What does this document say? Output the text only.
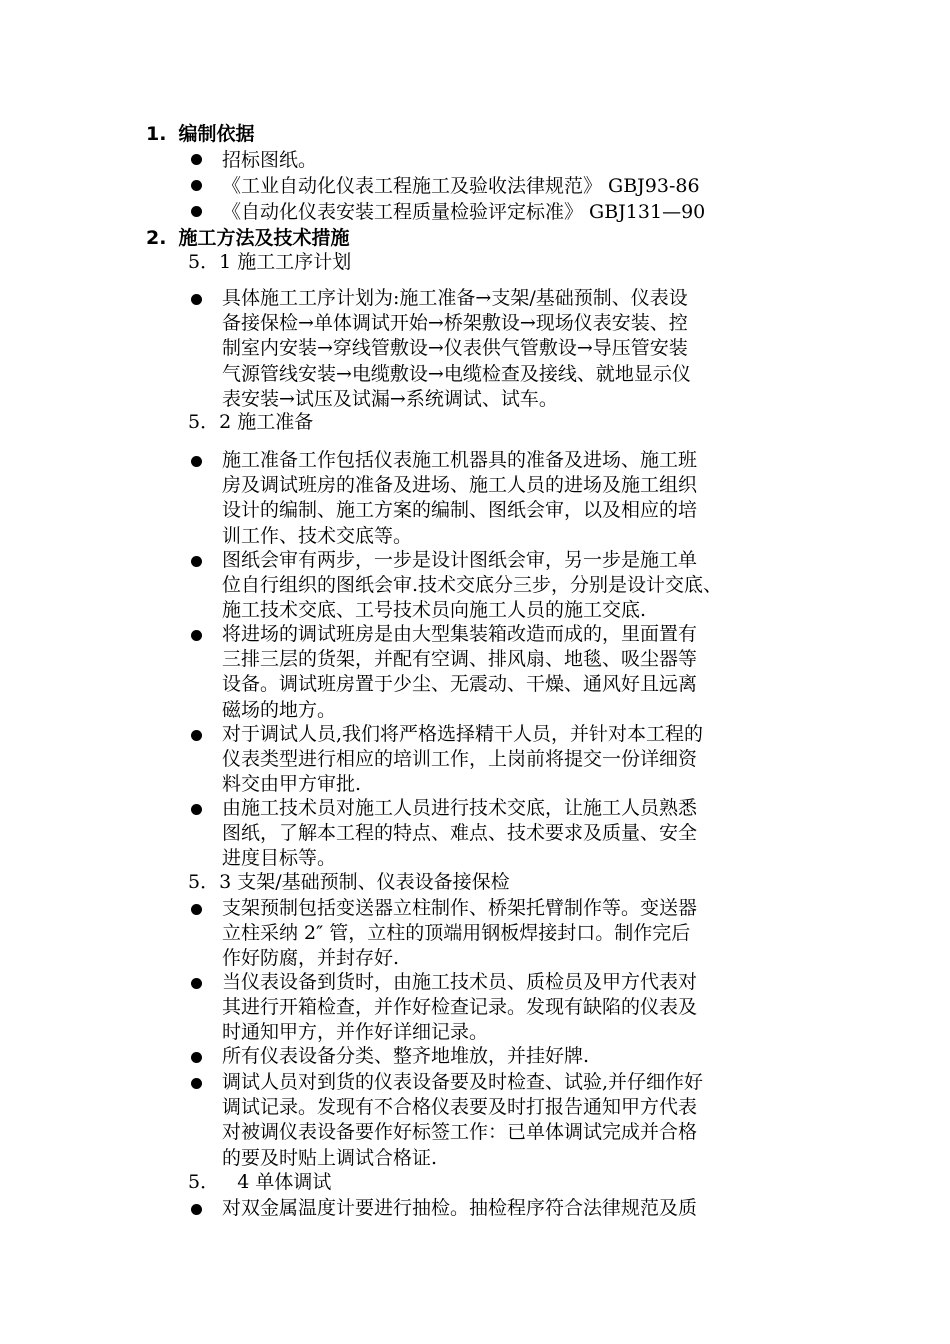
1. 编制依据
招标图纸。
《工业自动化仪表工程施工及验收法律规范》 GBJ93-86
《自动化仪表安装工程质量检验评定标准》 GBJ131—90
2. 施工方法及技术措施
5．1 施工工序计划
具体施工工序计划为:施工准备→支架/基础预制、仪表设
备接保检→单体调试开始→桥架敷设→现场仪表安装、控
制室内安装→穿线管敷设→仪表供气管敷设→导压管安装
气源管线安装→电缆敷设→电缆检查及接线、就地显示仪
表安装→试压及试漏→系统调试、试车。
5．2 施工准备
施工准备工作包括仪表施工机器具的准备及进场、施工班
房及调试班房的准备及进场、施工人员的进场及施工组织
设计的编制、施工方案的编制、图纸会审，以及相应的培
训工作、技术交底等。
图纸会审有两步，一步是设计图纸会审，另一步是施工单
位自行组织的图纸会审.技术交底分三步，分别是设计交底、
施工技术交底、工号技术员向施工人员的施工交底.
将进场的调试班房是由大型集装箱改造而成的，里面置有
三排三层的货架，并配有空调、排风扇、地毯、吸尘器等
设备。调试班房置于少尘、无震动、干燥、通风好且远离
磁场的地方。
对于调试人员,我们将严格选择精干人员，并针对本工程的
仪表类型进行相应的培训工作，上岗前将提交一份详细资
料交由甲方审批.
由施工技术员对施工人员进行技术交底，让施工人员熟悉
图纸，了解本工程的特点、难点、技术要求及质量、安全
进度目标等。
5．3 支架/基础预制、仪表设备接保检
支架预制包括变送器立柱制作、桥架托臂制作等。变送器
立柱采纳 2″ 管，立柱的顶端用钢板焊接封口。制作完后
作好防腐，并封存好.
当仪表设备到货时，由施工技术员、质检员及甲方代表对
其进行开箱检查，并作好检查记录。发现有缺陷的仪表及
时通知甲方，并作好详细记录。
所有仪表设备分类、整齐地堆放，并挂好牌.
调试人员对到货的仪表设备要及时检查、试验,并仔细作好
调试记录。发现有不合格仪表要及时打报告通知甲方代表
对被调仪表设备要作好标签工作：已单体调试完成并合格
的要及时贴上调试合格证.
5．   4 单体调试
对双金属温度计要进行抽检。抽检程序符合法律规范及质
